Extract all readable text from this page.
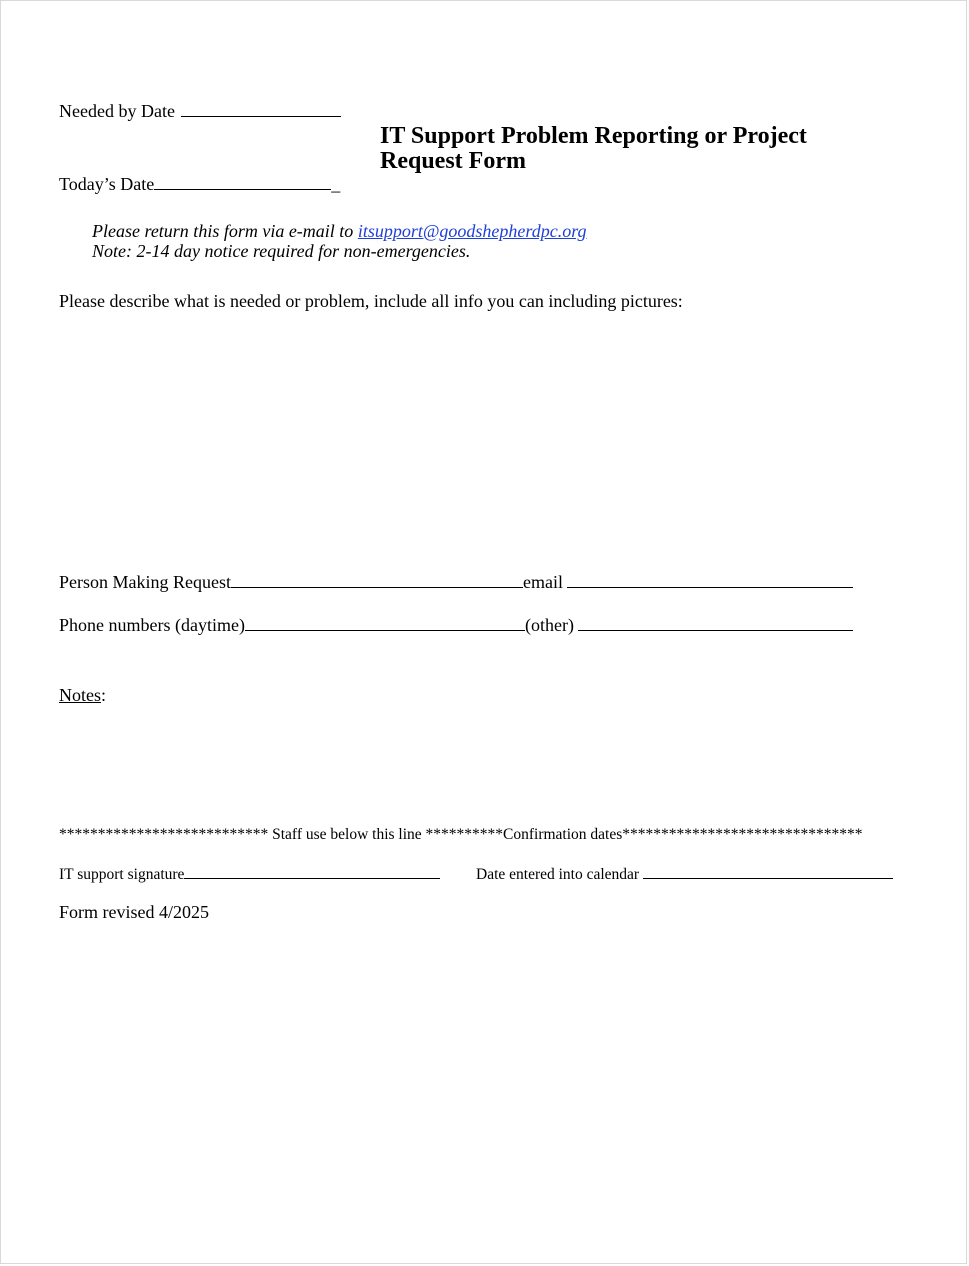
Needed by Date
IT Support Problem Reporting or Project Request Form
Today’s Date	_
Please return this form via e-mail to itsupport@goodshepherdpc.org
Note: 2-14 day notice required for non-emergencies.
Please describe what is needed or problem, include all info you can including pictures:
Person Making Request	email
Phone numbers (daytime)	(other)
Notes:
*************************** Staff use below this line **********Confirmation dates*******************************
IT support signature	Date entered into calendar
Form revised 4/2025
